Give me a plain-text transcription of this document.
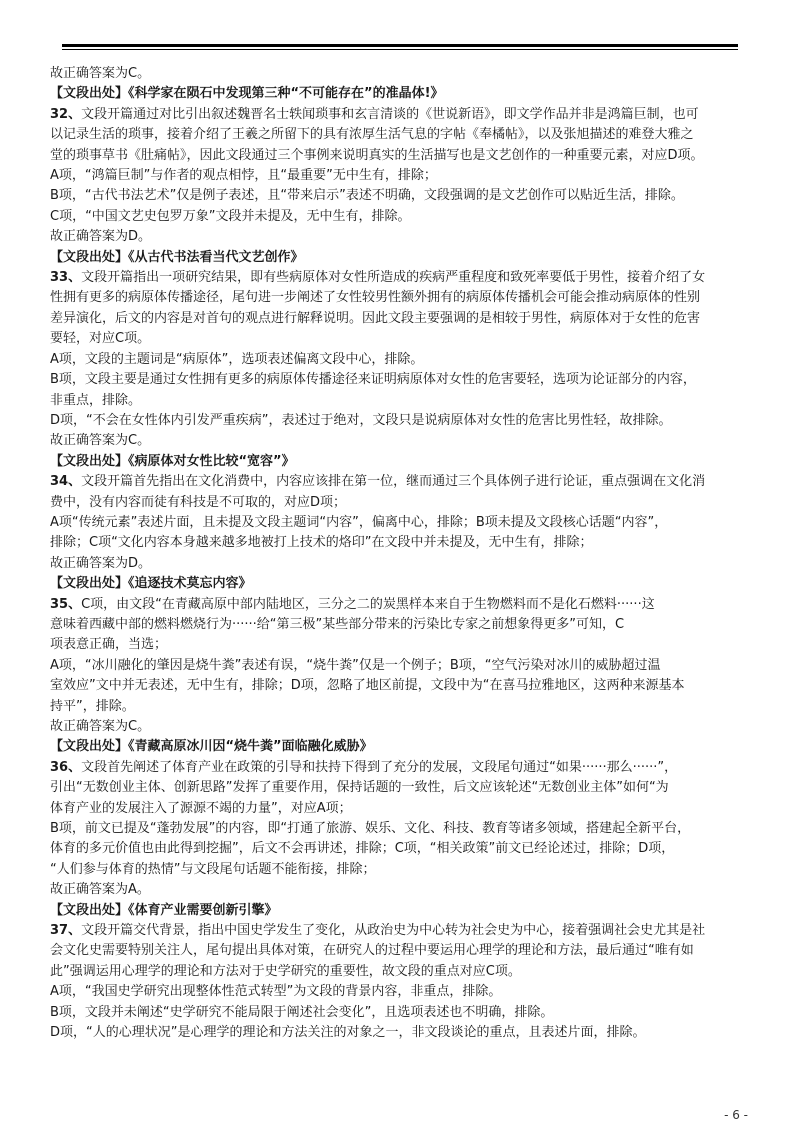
故正确答案为C。
【文段出处】《科学家在陨石中发现第三种“不可能存在”的准晶体!》
32、文段开篇通过对比引出叙述魏晋名士轶闻琐事和玄言清谈的《世说新语》，即文学作品并非是鸿篇巨制，也可
以记录生活的琐事，接着介绍了王羲之所留下的具有浓厚生活气息的字帖《奉橘帖》，以及张旭描述的难登大雅之
堂的琐事草书《肚痛帖》，因此文段通过三个事例来说明真实的生活描写也是文艺创作的一种重要元素，对应D项。
A项，“鸿篇巨制”与作者的观点相悖，且“最重要”无中生有，排除；
B项，“古代书法艺术”仅是例子表述，且“带来启示”表述不明确，文段强调的是文艺创作可以贴近生活，排除。
C项，“中国文艺史包罗万象”文段并未提及，无中生有，排除。
故正确答案为D。
【文段出处】《从古代书法看当代文艺创作》
33、文段开篇指出一项研究结果，即有些病原体对女性所造成的疾病严重程度和致死率要低于男性，接着介绍了女
性拥有更多的病原体传播途径，尾句进一步阐述了女性较男性额外拥有的病原体传播机会可能会推动病原体的性别
差异演化，后文的内容是对首句的观点进行解释说明。因此文段主要强调的是相较于男性，病原体对于女性的危害
要轻，对应C项。
A项，文段的主题词是“病原体”，选项表述偏离文段中心，排除。
B项，文段主要是通过女性拥有更多的病原体传播途径来证明病原体对女性的危害要轻，选项为论证部分的内容，
非重点，排除。
D项，“不会在女性体内引发严重疾病”，表述过于绝对，文段只是说病原体对女性的危害比男性轻，故排除。
故正确答案为C。
【文段出处】《病原体对女性比较“宽容”》
34、文段开篇首先指出在文化消费中，内容应该排在第一位，继而通过三个具体例子进行论证，重点强调在文化消
费中，没有内容而徒有科技是不可取的，对应D项；
A项“传统元素”表述片面，且未提及文段主题词“内容”，偏离中心，排除；B项未提及文段核心话题“内容”，
排除；C项“文化内容本身越来越多地被打上技术的烙印”在文段中并未提及，无中生有，排除；
故正确答案为D。
【文段出处】《追逐技术莫忘内容》
35、C项，由文段“在青藏高原中部内陆地区，三分之二的炭黑样本来自于生物燃料而不是化石燃料······这
意味着西藏中部的燃料燃烧行为······给“第三极”某些部分带来的污染比专家之前想象得更多”可知，C
项表意正确，当选；
A项，“冰川融化的肇因是烧牛粪”表述有误，“烧牛粪”仅是一个例子；B项，“空气污染对冰川的威胁超过温
室效应”文中并无表述，无中生有，排除；D项，忽略了地区前提，文段中为“在喜马拉雅地区，这两种来源基本
持平”，排除。
故正确答案为C。
【文段出处】《青藏高原冰川因“烧牛粪”面临融化威胁》
36、文段首先阐述了体育产业在政策的引导和扶持下得到了充分的发展，文段尾句通过“如果······那么······”，
引出“无数创业主体、创新思路”发挥了重要作用，保持话题的一致性，后文应该轮述“无数创业主体”如何“为
体育产业的发展注入了源源不竭的力量”，对应A项；
B项，前文已提及“蓬勃发展”的内容，即“打通了旅游、娱乐、文化、科技、教育等诸多领域，搭建起全新平台，
体育的多元价值也由此得到挖掘”，后文不会再讲述，排除；C项，“相关政策”前文已经论述过，排除；D项，
“人们参与体育的热情”与文段尾句话题不能衔接，排除；
故正确答案为A。
【文段出处】《体育产业需要创新引擎》
37、文段开篇交代背景，指出中国史学发生了变化，从政治史为中心转为社会史为中心，接着强调社会史尤其是社
会文化史需要特别关注人，尾句提出具体对策，在研究人的过程中要运用心理学的理论和方法，最后通过“唯有如
此”强调运用心理学的理论和方法对于史学研究的重要性，故文段的重点对应C项。
A项，“我国史学研究出现整体性范式转型”为文段的背景内容，非重点，排除。
B项，文段并未阐述“史学研究不能局限于阐述社会变化”，且选项表述也不明确，排除。
D项，“人的心理状况”是心理学的理论和方法关注的对象之一，非文段谈论的重点，且表述片面，排除。
- 6 -
